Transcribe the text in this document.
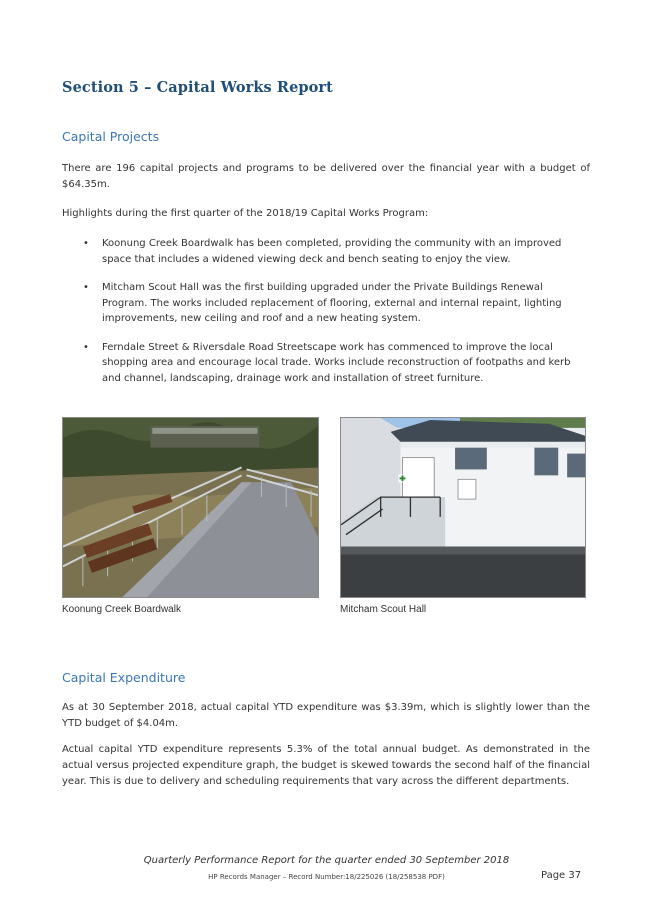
Section 5 – Capital Works Report
Capital Projects

There are 196 capital projects and programs to be delivered over the financial year with a budget of $64.35m.

Highlights during the first quarter of the 2018/19 Capital Works Program:

• Koonung Creek Boardwalk has been completed, providing the community with an improved space that includes a widened viewing deck and bench seating to enjoy the view.
• Mitcham Scout Hall was the first building upgraded under the Private Buildings Renewal Program. The works included replacement of flooring, external and internal repaint, lighting improvements, new ceiling and roof and a new heating system.
• Ferndale Street & Riversdale Road Streetscape work has commenced to improve the local shopping area and encourage local trade. Works include reconstruction of footpaths and kerb and channel, landscaping, drainage work and installation of street furniture.
Koonung Creek Boardwalk	Mitcham Scout Hall
Capital Expenditure

As at 30 September 2018, actual capital YTD expenditure was $3.39m, which is slightly lower than the YTD budget of $4.04m.

Actual capital YTD expenditure represents 5.3% of the total annual budget. As demonstrated in the actual versus projected expenditure graph, the budget is skewed towards the second half of the financial year. This is due to delivery and scheduling requirements that vary across the different departments.

Quarterly Performance Report for the quarter ended 30 September 2018
HP Records Manager – Record Number:18/225026 (18/258538 PDF)	Page 37
